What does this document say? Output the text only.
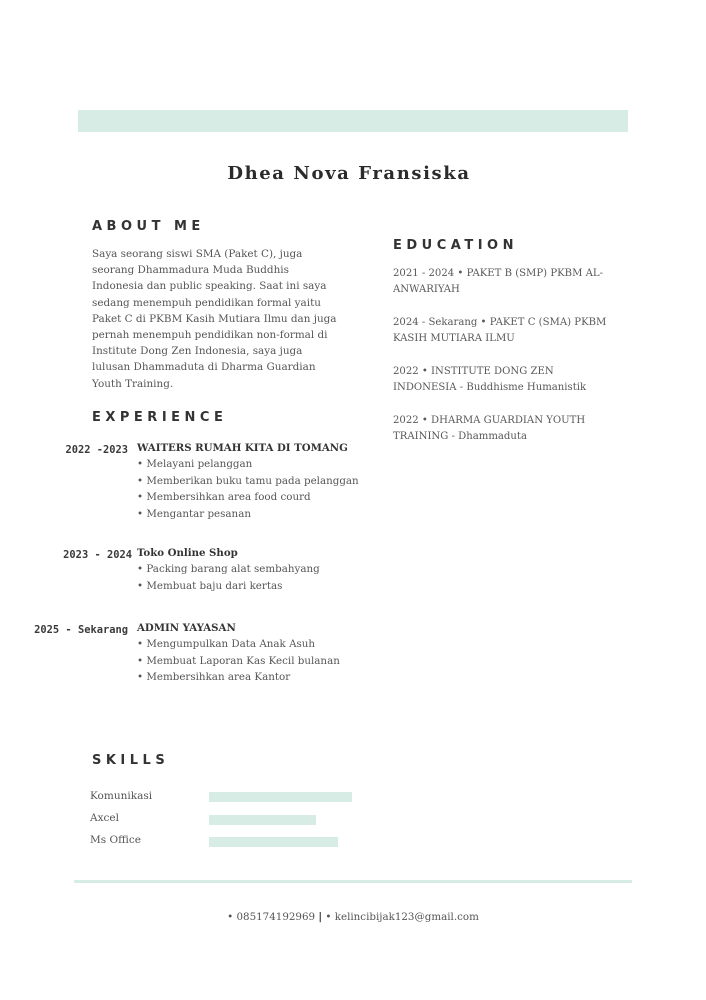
Dhea Nova Fransiska
ABOUT ME
Saya seorang siswi SMA (Paket C), juga
seorang Dhammadura Muda Buddhis
Indonesia dan public speaking. Saat ini saya
sedang menempuh pendidikan formal yaitu
Paket C di PKBM Kasih Mutiara Ilmu dan juga
pernah menempuh pendidikan non-formal di
Institute Dong Zen Indonesia, saya juga
lulusan Dhammaduta di Dharma Guardian
Youth Training.
EDUCATION
2021 - 2024 • PAKET B (SMP) PKBM AL-
ANWARIYAH
2024 - Sekarang • PAKET C (SMA) PKBM
KASIH MUTIARA ILMU
2022 • INSTITUTE DONG ZEN
INDONESIA - Buddhisme Humanistik
2022 • DHARMA GUARDIAN YOUTH
TRAINING - Dhammaduta
EXPERIENCE
2022 -2023 WAITERS RUMAH KITA DI TOMANG
• Melayani pelanggan
• Memberikan buku tamu pada pelanggan
• Membersihkan area food courd
• Mengantar pesanan
2023 - 2024 Toko Online Shop
• Packing barang alat sembahyang
• Membuat baju dari kertas
2025 - Sekarang ADMIN YAYASAN
• Mengumpulkan Data Anak Asuh
• Membuat Laporan Kas Kecil bulanan
• Membersihkan area Kantor
SKILLS
Komunikasi
Axcel
Ms Office
• 085174192969 | • kelincibijak123@gmail.com
